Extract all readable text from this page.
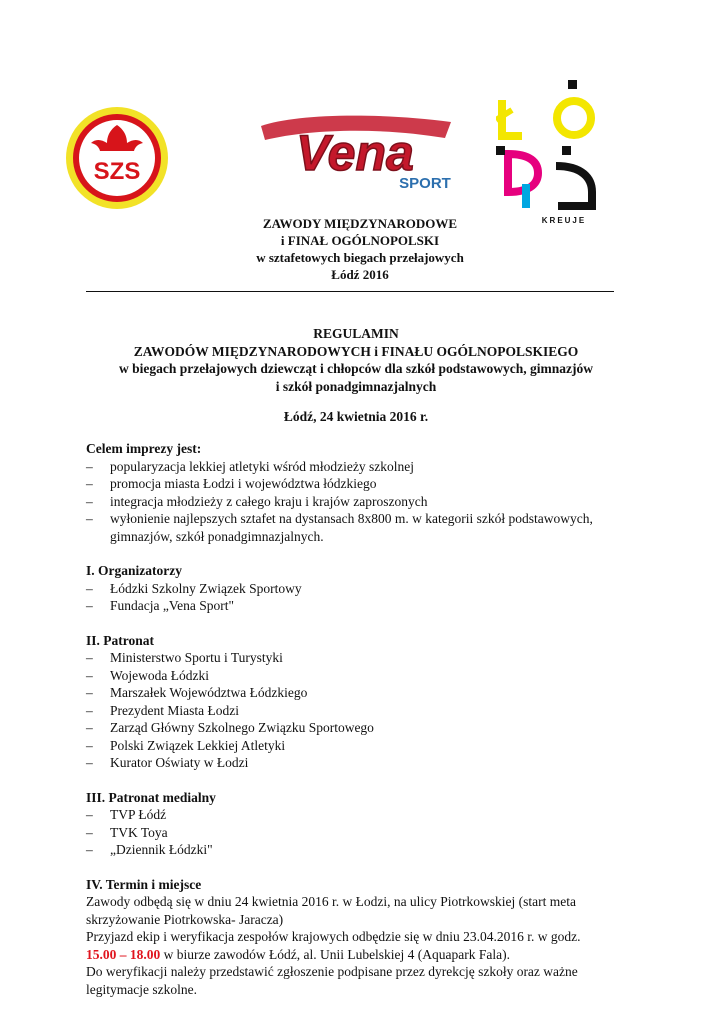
SZS	Vena
SPORT
KREUJE
ZAWODY MIĘDZYNARODOWE
i FINAŁ OGÓLNOPOLSKI
w sztafetowych biegach przełajowych
Łódź 2016
REGULAMIN
ZAWODÓW MIĘDZYNARODOWYCH i FINAŁU OGÓLNOPOLSKIEGO
w biegach przełajowych dziewcząt i chłopców dla szkół podstawowych, gimnazjów
i szkół ponadgimnazjalnych
Łódź, 24 kwietnia 2016 r.

Celem imprezy jest:

– popularyzacja lekkiej atletyki wśród młodzieży szkolnej
– promocja miasta Łodzi i województwa łódzkiego
– integracja młodzieży z całego kraju i krajów zaproszonych
– wyłonienie najlepszych sztafet na dystansach 8x800 m. w kategorii szkół podstawowych, gimnazjów, szkół ponadgimnazjalnych.

I. Organizatorzy

– Łódzki Szkolny Związek Sportowy
– Fundacja „Vena Sport"

II. Patronat

– Ministerstwo Sportu i Turystyki
– Wojewoda Łódzki
– Marszałek Województwa Łódzkiego
– Prezydent Miasta Łodzi
– Zarząd Główny Szkolnego Związku Sportowego
– Polski Związek Lekkiej Atletyki
– Kurator Oświaty w Łodzi

III. Patronat medialny

– TVP Łódź
– TVK Toya
– „Dziennik Łódzki"

IV. Termin i miejsce

Zawody odbędą się w dniu 24 kwietnia 2016 r. w Łodzi, na ulicy Piotrkowskiej (start meta skrzyżowanie Piotrkowska- Jaracza)

Przyjazd ekip i weryfikacja zespołów krajowych odbędzie się w dniu 23.04.2016 r. w godz.
15.00 – 18.00 w biurze zawodów Łódź, al. Unii Lubelskiej 4 (Aquapark Fala).

Do weryfikacji należy przedstawić zgłoszenie podpisane przez dyrekcję szkoły oraz ważne legitymacje szkolne.
